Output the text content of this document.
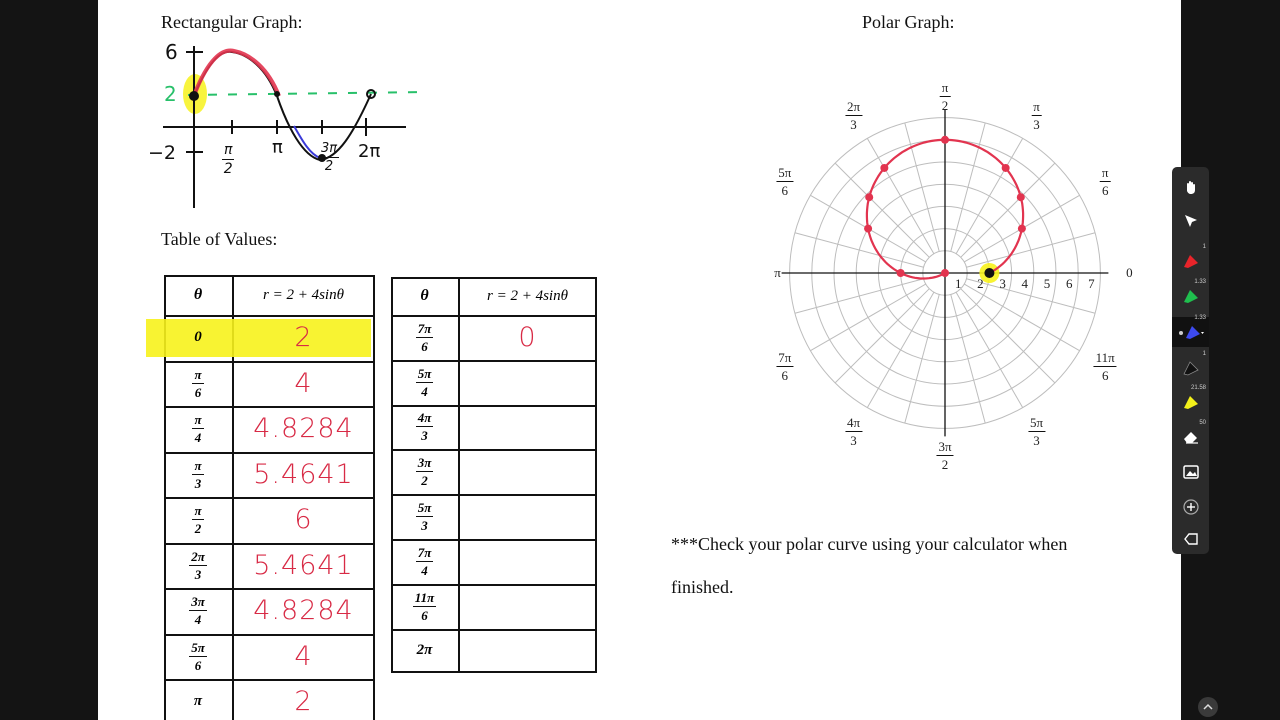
Rectangular Graph:
6
2
−2	$\frac{\pi}{2}$ π	$\frac{3\pi}{2} 2\pi$
Table of Values:
θ	r = 2 + 4sinθ
0	2
$\frac{\pi}{6}$	4
$\frac{\pi}{4}$	4.8284
$\frac{\pi}{3}$	5.4641
$\frac{\pi}{2}$	6
$\frac{2\pi}{3}$	5.4641
$\frac{3\pi}{4}$	4.8284
$\frac{5\pi}{6}$	4
π	2
θ	r = 2 + 4sinθ
$\frac{7\pi}{6}$	0
$\frac{5\pi}{4}$
$\frac{4\pi}{3}$
$\frac{3\pi}{2}$
$\frac{5\pi}{3}$
$\frac{7\pi}{4}$
$\frac{11\pi}{6}$
2π
Polar Graph:
***Check your polar curve using your calculator when
finished.
1 2 3 4 5 6 7
0
π
$\frac{\pi}{2}$
$\frac{\pi}{3}$
$\frac{\pi}{6}$
$\frac{2\pi}{3}$
$\frac{5\pi}{6}$
$\frac{7\pi}{6}$
$\frac{4\pi}{3}$
$\frac{3\pi}{2}$
$\frac{5\pi}{3}$
$\frac{11\pi}{6}$
1
1.33
1.33
1
21.58
50
